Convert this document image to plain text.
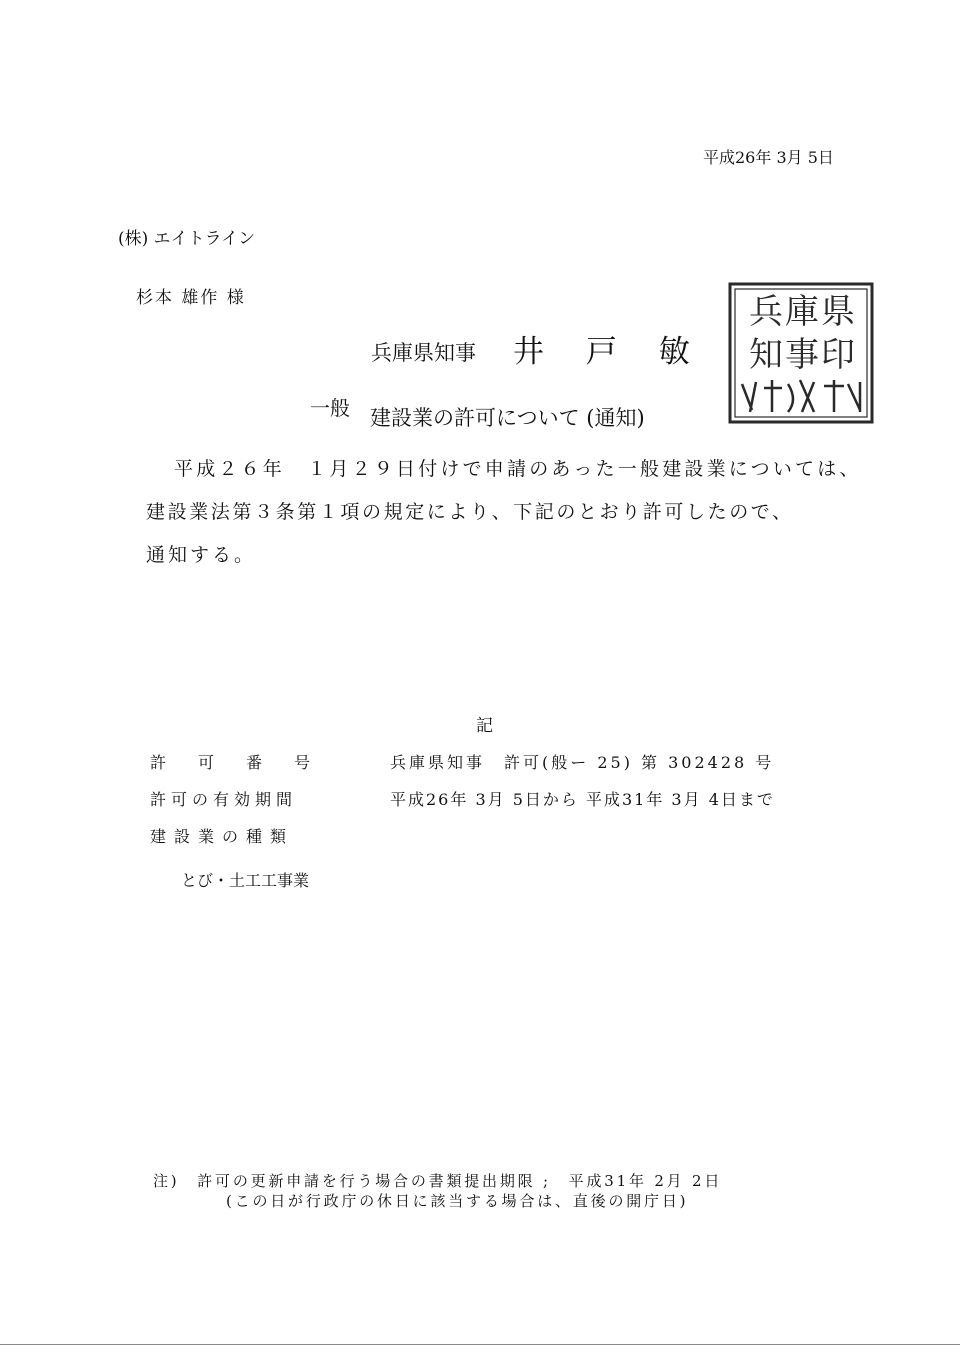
平成26年 3月 5日
(株) エイトライン
杉本 雄作 様
兵庫県知事 井 戸 敏
兵庫県
知事印
一般 建設業の許可について (通知)
平成２６年　１月２９日付けで申請のあった一般建設業については、
建設業法第３条第１項の規定により、下記のとおり許可したので、
通知する。
記
許可番号	兵庫県知事　許可(般ー 25) 第 302428 号
許可の有効期間	平成26年 3月 5日から 平成31年 3月 4日まで
建設業の種類
とび・土工工事業
注)　許可の更新申請を行う場合の書類提出期限 ;　平成31年 2月 2日
(この日が行政庁の休日に該当する場合は、直後の開庁日)
